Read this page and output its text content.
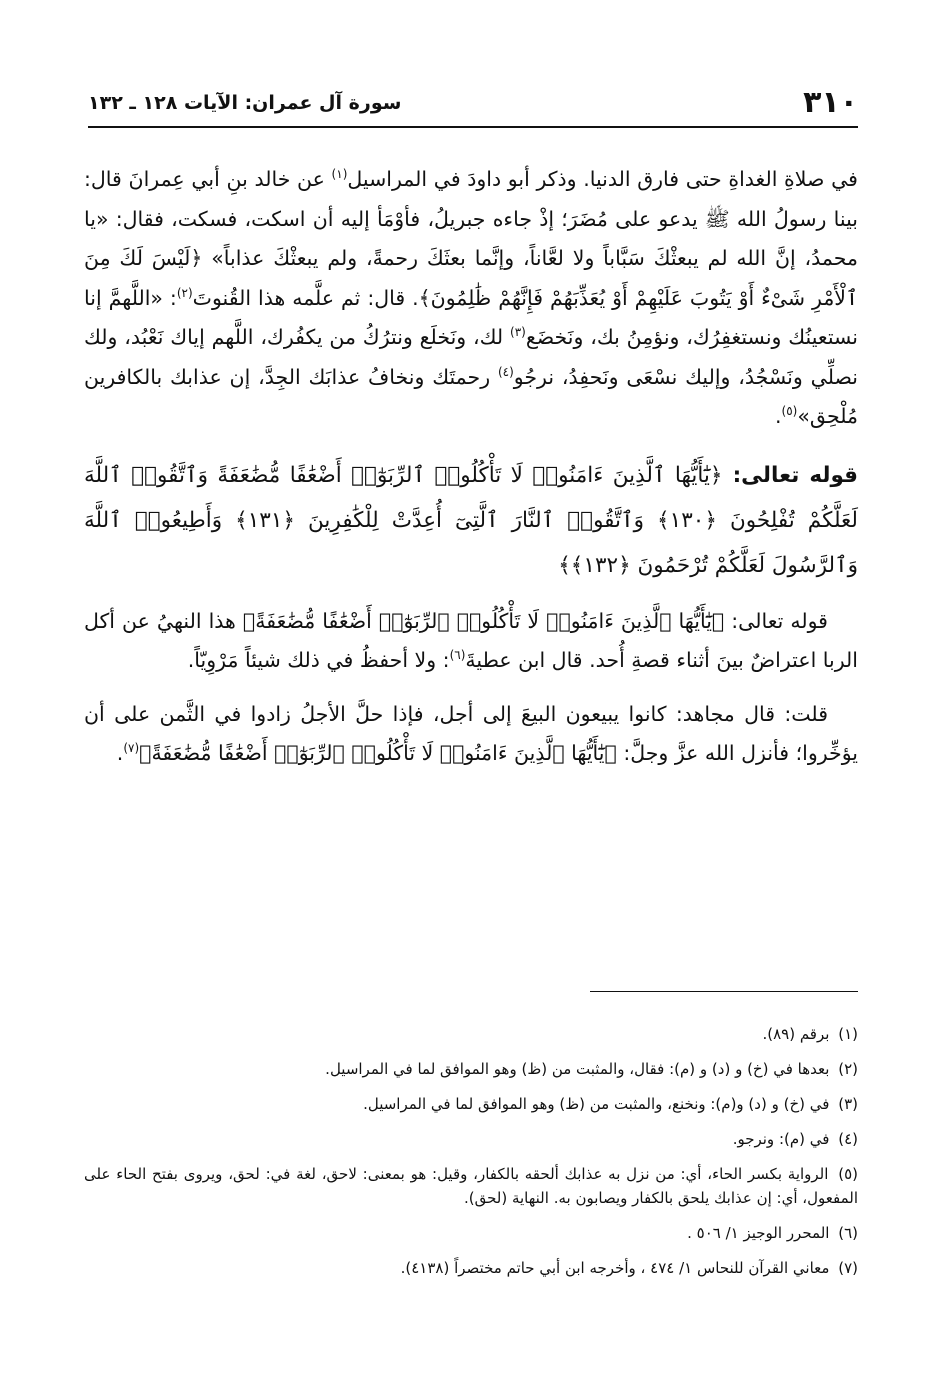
٣١٠
سورة آل عمران: الآيات ١٢٨ ـ ١٣٢

في صلاةِ الغداةِ حتى فارق الدنيا. وذكر أبو داودَ في المراسيل$^{(١)}$ عن خالد بنِ أبي عِمرانَ قال: بينا رسولُ الله ﷺ يدعو على مُضَرَ؛ إذْ جاءه جبريلُ، فأوْمَأ إليه أن اسكت، فسكت، فقال: «يا محمدُ، إنَّ الله لم يبعثْكَ سَبَّاباً ولا لعَّاناً، وإنَّما بعثَكَ رحمةً، ولم يبعثْكَ عذاباً» ﴿لَيْسَ لَكَ مِنَ ٱلْأَمْرِ شَىْءٌ أَوْ يَتُوبَ عَلَيْهِمْ أَوْ يُعَذِّبَهُمْ فَإِنَّهُمْ ظَٰلِمُونَ﴾. قال: ثم علَّمه هذا القُنوتَ$^{(٢)}$: «اللَّهمَّ إنا نستعينُك ونستغفِرُك، ونؤمِنُ بك، ونَخضَع$^{(٣)}$ لك، ونَخلَع ونترُكُ من يكفُرك، اللَّهم إياك نَعْبُد، ولك نصلِّي ونَسْجُدُ، وإليك نسْعَى ونَحفِدُ، نرجُو$^{(٤)}$ رحمتَك ونخافُ عذابَك الجِدَّ، إن عذابك بالكافرين مُلْحِق»$^{(٥)}$.

قوله تعالى: ﴿يَٰٓأَيُّهَا ٱلَّذِينَ ءَامَنُوا۟ لَا تَأْكُلُوا۟ ٱلرِّبَوٰٓا۟ أَضْعَٰفًا مُّضَٰعَفَةً وَٱتَّقُوا۟ ٱللَّهَ لَعَلَّكُمْ تُفْلِحُونَ ﴿١٣٠﴾ وَٱتَّقُوا۟ ٱلنَّارَ ٱلَّتِىٓ أُعِدَّتْ لِلْكَٰفِرِينَ ﴿١٣١﴾ وَأَطِيعُوا۟ ٱللَّهَ وَٱلرَّسُولَ لَعَلَّكُمْ تُرْحَمُونَ ﴿١٣٢﴾﴾

قوله تعالى: ﴿يَٰٓأَيُّهَا ٱلَّذِينَ ءَامَنُوا۟ لَا تَأْكُلُوا۟ ٱلرِّبَوٰٓا۟ أَضْعَٰفًا مُّضَٰعَفَةً﴾ هذا النهيُ عن أكل الربا اعتراضٌ بينَ أثناء قصةِ أُحد. قال ابن عطيةَ$^{(٦)}$: ولا أحفظُ في ذلك شيئاً مَرْوِيّاً.

قلت: قال مجاهد: كانوا يبيعون البيعَ إلى أجل، فإذا حلَّ الأجلُ زادوا في الثَّمن على أن يؤخِّروا؛ فأنزل الله عزَّ وجلَّ: ﴿يَٰٓأَيُّهَا ٱلَّذِينَ ءَامَنُوا۟ لَا تَأْكُلُوا۟ ٱلرِّبَوٰٓا۟ أَضْعَٰفًا مُّضَٰعَفَةً﴾$^{(٧)}$.

(١) برقم (٨٩).

(٢) بعدها في (خ) و (د) و (م): فقال، والمثبت من (ظ) وهو الموافق لما في المراسيل.

(٣) في (خ) و (د) و(م): ونخنع، والمثبت من (ظ) وهو الموافق لما في المراسيل.

(٤) في (م): ونرجو.

(٥) الرواية بكسر الحاء، أي: من نزل به عذابك ألحقه بالكفار، وقيل: هو بمعنى: لاحق، لغة في: لحق، ويروى بفتح الحاء على المفعول، أي: إن عذابك يلحق بالكفار ويصابون به. النهاية (لحق).

(٦) المحرر الوجيز ١/ ٥٠٦ .

(٧) معاني القرآن للنحاس ١/ ٤٧٤ ، وأخرجه ابن أبي حاتم مختصراً (٤١٣٨).
